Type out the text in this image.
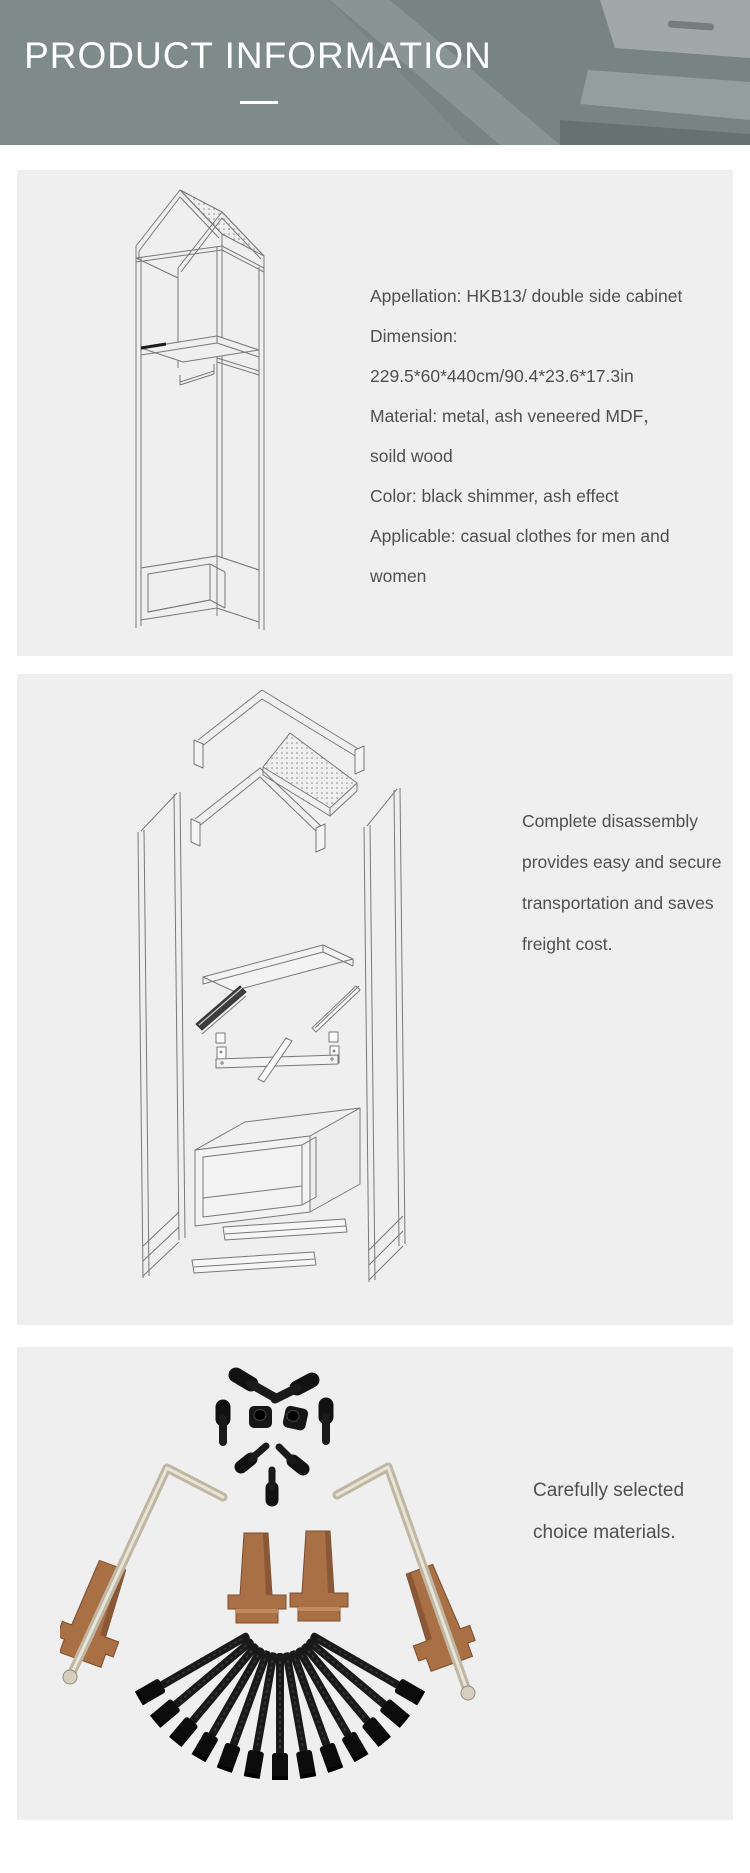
PRODUCT INFORMATION
Appellation: HKB13/ double side cabinet
Dimension:
229.5*60*440cm/90.4*23.6*17.3in
Material: metal, ash veneered MDF，
soild wood
Color: black shimmer, ash effect
Applicable: casual clothes for men and
women
Complete disassembly
provides easy and secure
transportation and saves
freight cost.
Carefully selected
choice materials.
